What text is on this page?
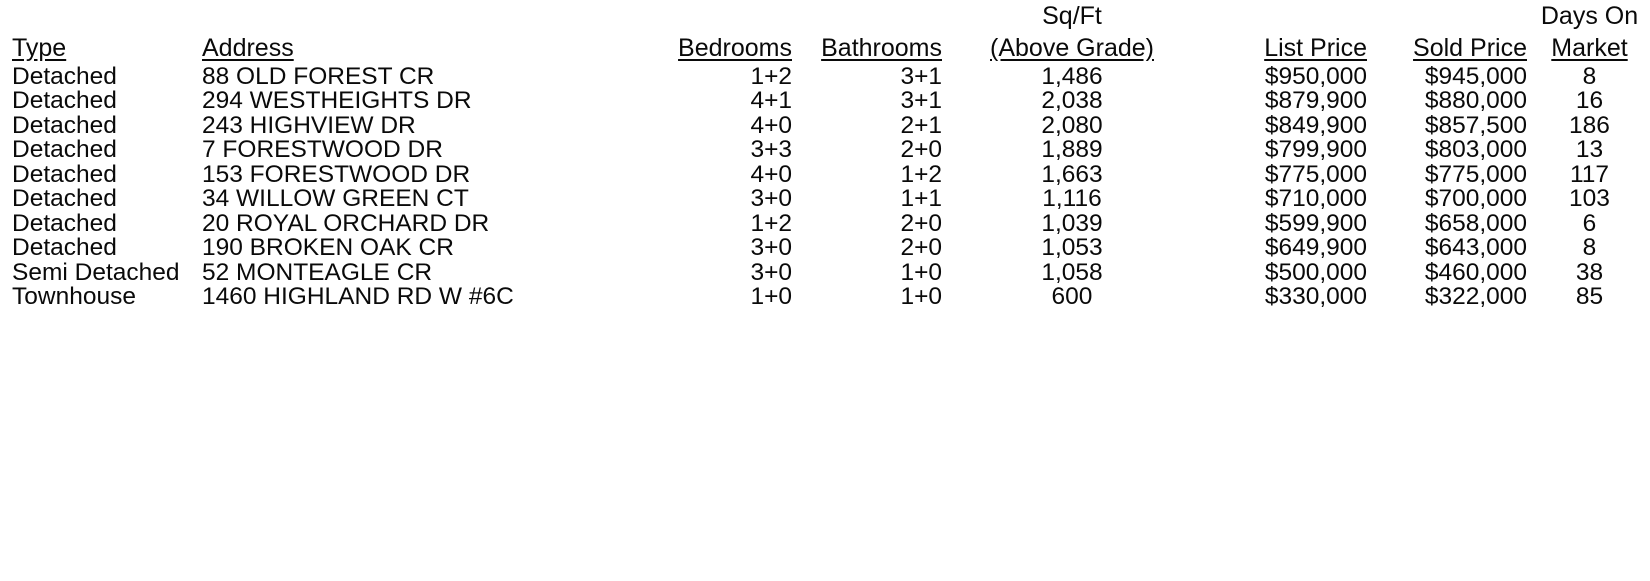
				Sq/Ft			Days On
Type	Address	Bedrooms	Bathrooms	(Above Grade)	List Price	Sold Price	Market
Detached	88 OLD FOREST CR	1+2	3+1	1,486	$950,000	$945,000	8
Detached	294 WESTHEIGHTS DR	4+1	3+1	2,038	$879,900	$880,000	16
Detached	243 HIGHVIEW DR	4+0	2+1	2,080	$849,900	$857,500	186
Detached	7 FORESTWOOD DR	3+3	2+0	1,889	$799,900	$803,000	13
Detached	153 FORESTWOOD DR	4+0	1+2	1,663	$775,000	$775,000	117
Detached	34 WILLOW GREEN CT	3+0	1+1	1,116	$710,000	$700,000	103
Detached	20 ROYAL ORCHARD DR	1+2	2+0	1,039	$599,900	$658,000	6
Detached	190 BROKEN OAK CR	3+0	2+0	1,053	$649,900	$643,000	8
Semi Detached	52 MONTEAGLE CR	3+0	1+0	1,058	$500,000	$460,000	38
Townhouse	1460 HIGHLAND RD W #6C	1+0	1+0	600	$330,000	$322,000	85
